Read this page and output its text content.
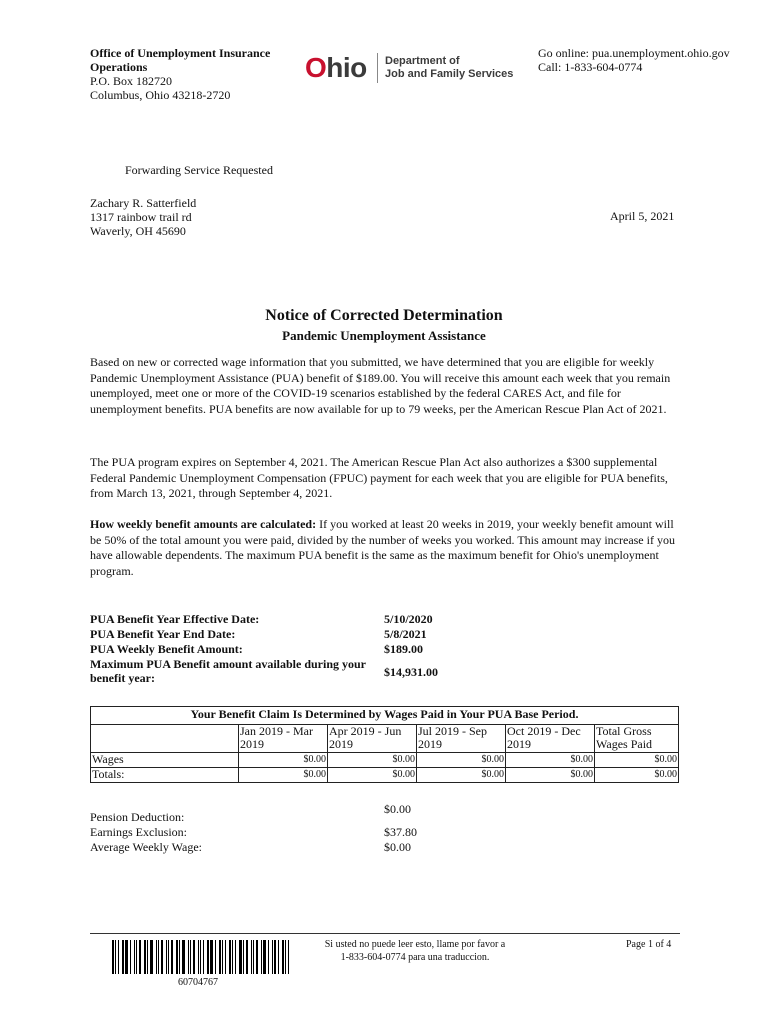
Office of Unemployment Insurance
Operations
P.O. Box 182720
Columbus, Ohio 43218-2720
Ohio Department of
Job and Family Services
Go online: pua.unemployment.ohio.gov
Call: 1-833-604-0774
Forwarding Service Requested
Zachary R. Satterfield
1317 rainbow trail rd
Waverly, OH 45690
April 5, 2021
Notice of Corrected Determination
Pandemic Unemployment Assistance
Based on new or corrected wage information that you submitted, we have determined that you are eligible for weekly Pandemic Unemployment Assistance (PUA) benefit of $189.00. You will receive this amount each week that you remain unemployed, meet one or more of the COVID-19 scenarios established by the federal CARES Act, and file for unemployment benefits. PUA benefits are now available for up to 79 weeks, per the American Rescue Plan Act of 2021.
The PUA program expires on September 4, 2021. The American Rescue Plan Act also authorizes a $300 supplemental Federal Pandemic Unemployment Compensation (FPUC) payment for each week that you are eligible for PUA benefits, from March 13, 2021, through September 4, 2021.
How weekly benefit amounts are calculated: If you worked at least 20 weeks in 2019, your weekly benefit amount will be 50% of the total amount you were paid, divided by the number of weeks you worked. This amount may increase if you have allowable dependents. The maximum PUA benefit is the same as the maximum benefit for Ohio's unemployment program.
PUA Benefit Year Effective Date:	5/10/2020
PUA Benefit Year End Date:	5/8/2021
PUA Weekly Benefit Amount:	$189.00
Maximum PUA Benefit amount available during your benefit year:	$14,931.00
Your Benefit Claim Is Determined by Wages Paid in Your PUA Base Period.					
	Jan 2019 - Mar 2019	Apr 2019 - Jun 2019	Jul 2019 - Sep 2019	Oct 2019 - Dec 2019	Total Gross Wages Paid
Wages	$0.00	$0.00	$0.00	$0.00	$0.00
Totals:	$0.00	$0.00	$0.00	$0.00	$0.00
Pension Deduction:
$0.00
Earnings Exclusion:	$37.80
Average Weekly Wage:	$0.00
60704767
Si usted no puede leer esto, llame por favor a
1-833-604-0774 para una traduccion.
Page 1 of 4
